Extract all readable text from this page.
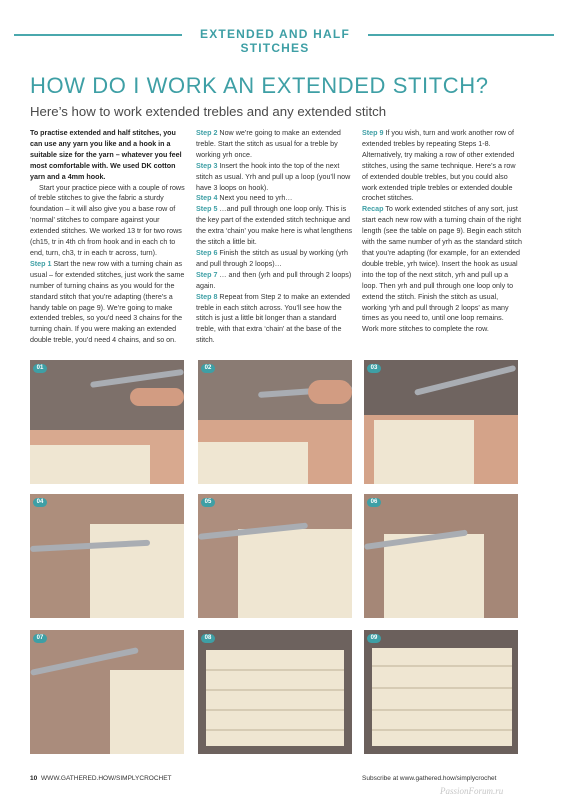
EXTENDED AND HALF STITCHES
HOW DO I WORK AN EXTENDED STITCH?

Here’s how to work extended trebles and any extended stitch

To practise extended and half stitches, you can use any yarn you like and a hook in a suitable size for the yarn – whatever you feel most comfortable with. We used DK cotton yarn and a 4mm hook.

Start your practice piece with a couple of rows of treble stitches to give the fabric a sturdy foundation – it will also give you a base row of ‘normal’ stitches to compare against your extended stitches. We worked 13 tr for two rows (ch15, tr in 4th ch from hook and in each ch to end, turn, ch3, tr in each tr across, turn).

Step 1 Start the new row with a turning chain as usual – for extended stitches, just work the same number of turning chains as you would for the standard stitch that you’re adapting (there’s a handy table on page 9). We’re going to make extended trebles, so you’d need 3 chains for the turning chain. If you were making an extended double treble, you’d need 4 chains, and so on.

Step 2 Now we’re going to make an extended treble. Start the stitch as usual for a treble by working yrh once.

Step 3 Insert the hook into the top of the next stitch as usual. Yrh and pull up a loop (you’ll now have 3 loops on hook).

Step 4 Next you need to yrh…

Step 5 …and pull through one loop only. This is the key part of the extended stitch technique and the extra ‘chain’ you make here is what lengthens the stitch a little bit.

Step 6 Finish the stitch as usual by working (yrh and pull through 2 loops)…

Step 7 … and then (yrh and pull through 2 loops) again.

Step 8 Repeat from Step 2 to make an extended treble in each stitch across. You’ll see how the stitch is just a little bit longer than a standard treble, with that extra ‘chain’ at the base of the stitch.

Step 9 If you wish, turn and work another row of extended trebles by repeating Steps 1-8. Alternatively, try making a row of other extended stitches, using the same technique. Here’s a row of extended double trebles, but you could also work extended triple trebles or extended double crochet stitches.

Recap To work extended stitches of any sort, just start each new row with a turning chain of the right length (see the table on page 9). Begin each stitch with the same number of yrh as the standard stitch that you’re adapting (for example, for an extended double treble, yrh twice). Insert the hook as usual into the top of the next stitch, yrh and pull up a loop. Then yrh and pull through one loop only to extend the stitch. Finish the stitch as usual, working ‘yrh and pull through 2 loops’ as many times as you need to, until one loop remains. Work more stitches to complete the row.

01	02	03
04	05	06
07	08	09
10 WWW.GATHERED.HOW/SIMPLYCROCHET	Subscribe at www.gathered.how/simplycrochet
PassionForum.ru
